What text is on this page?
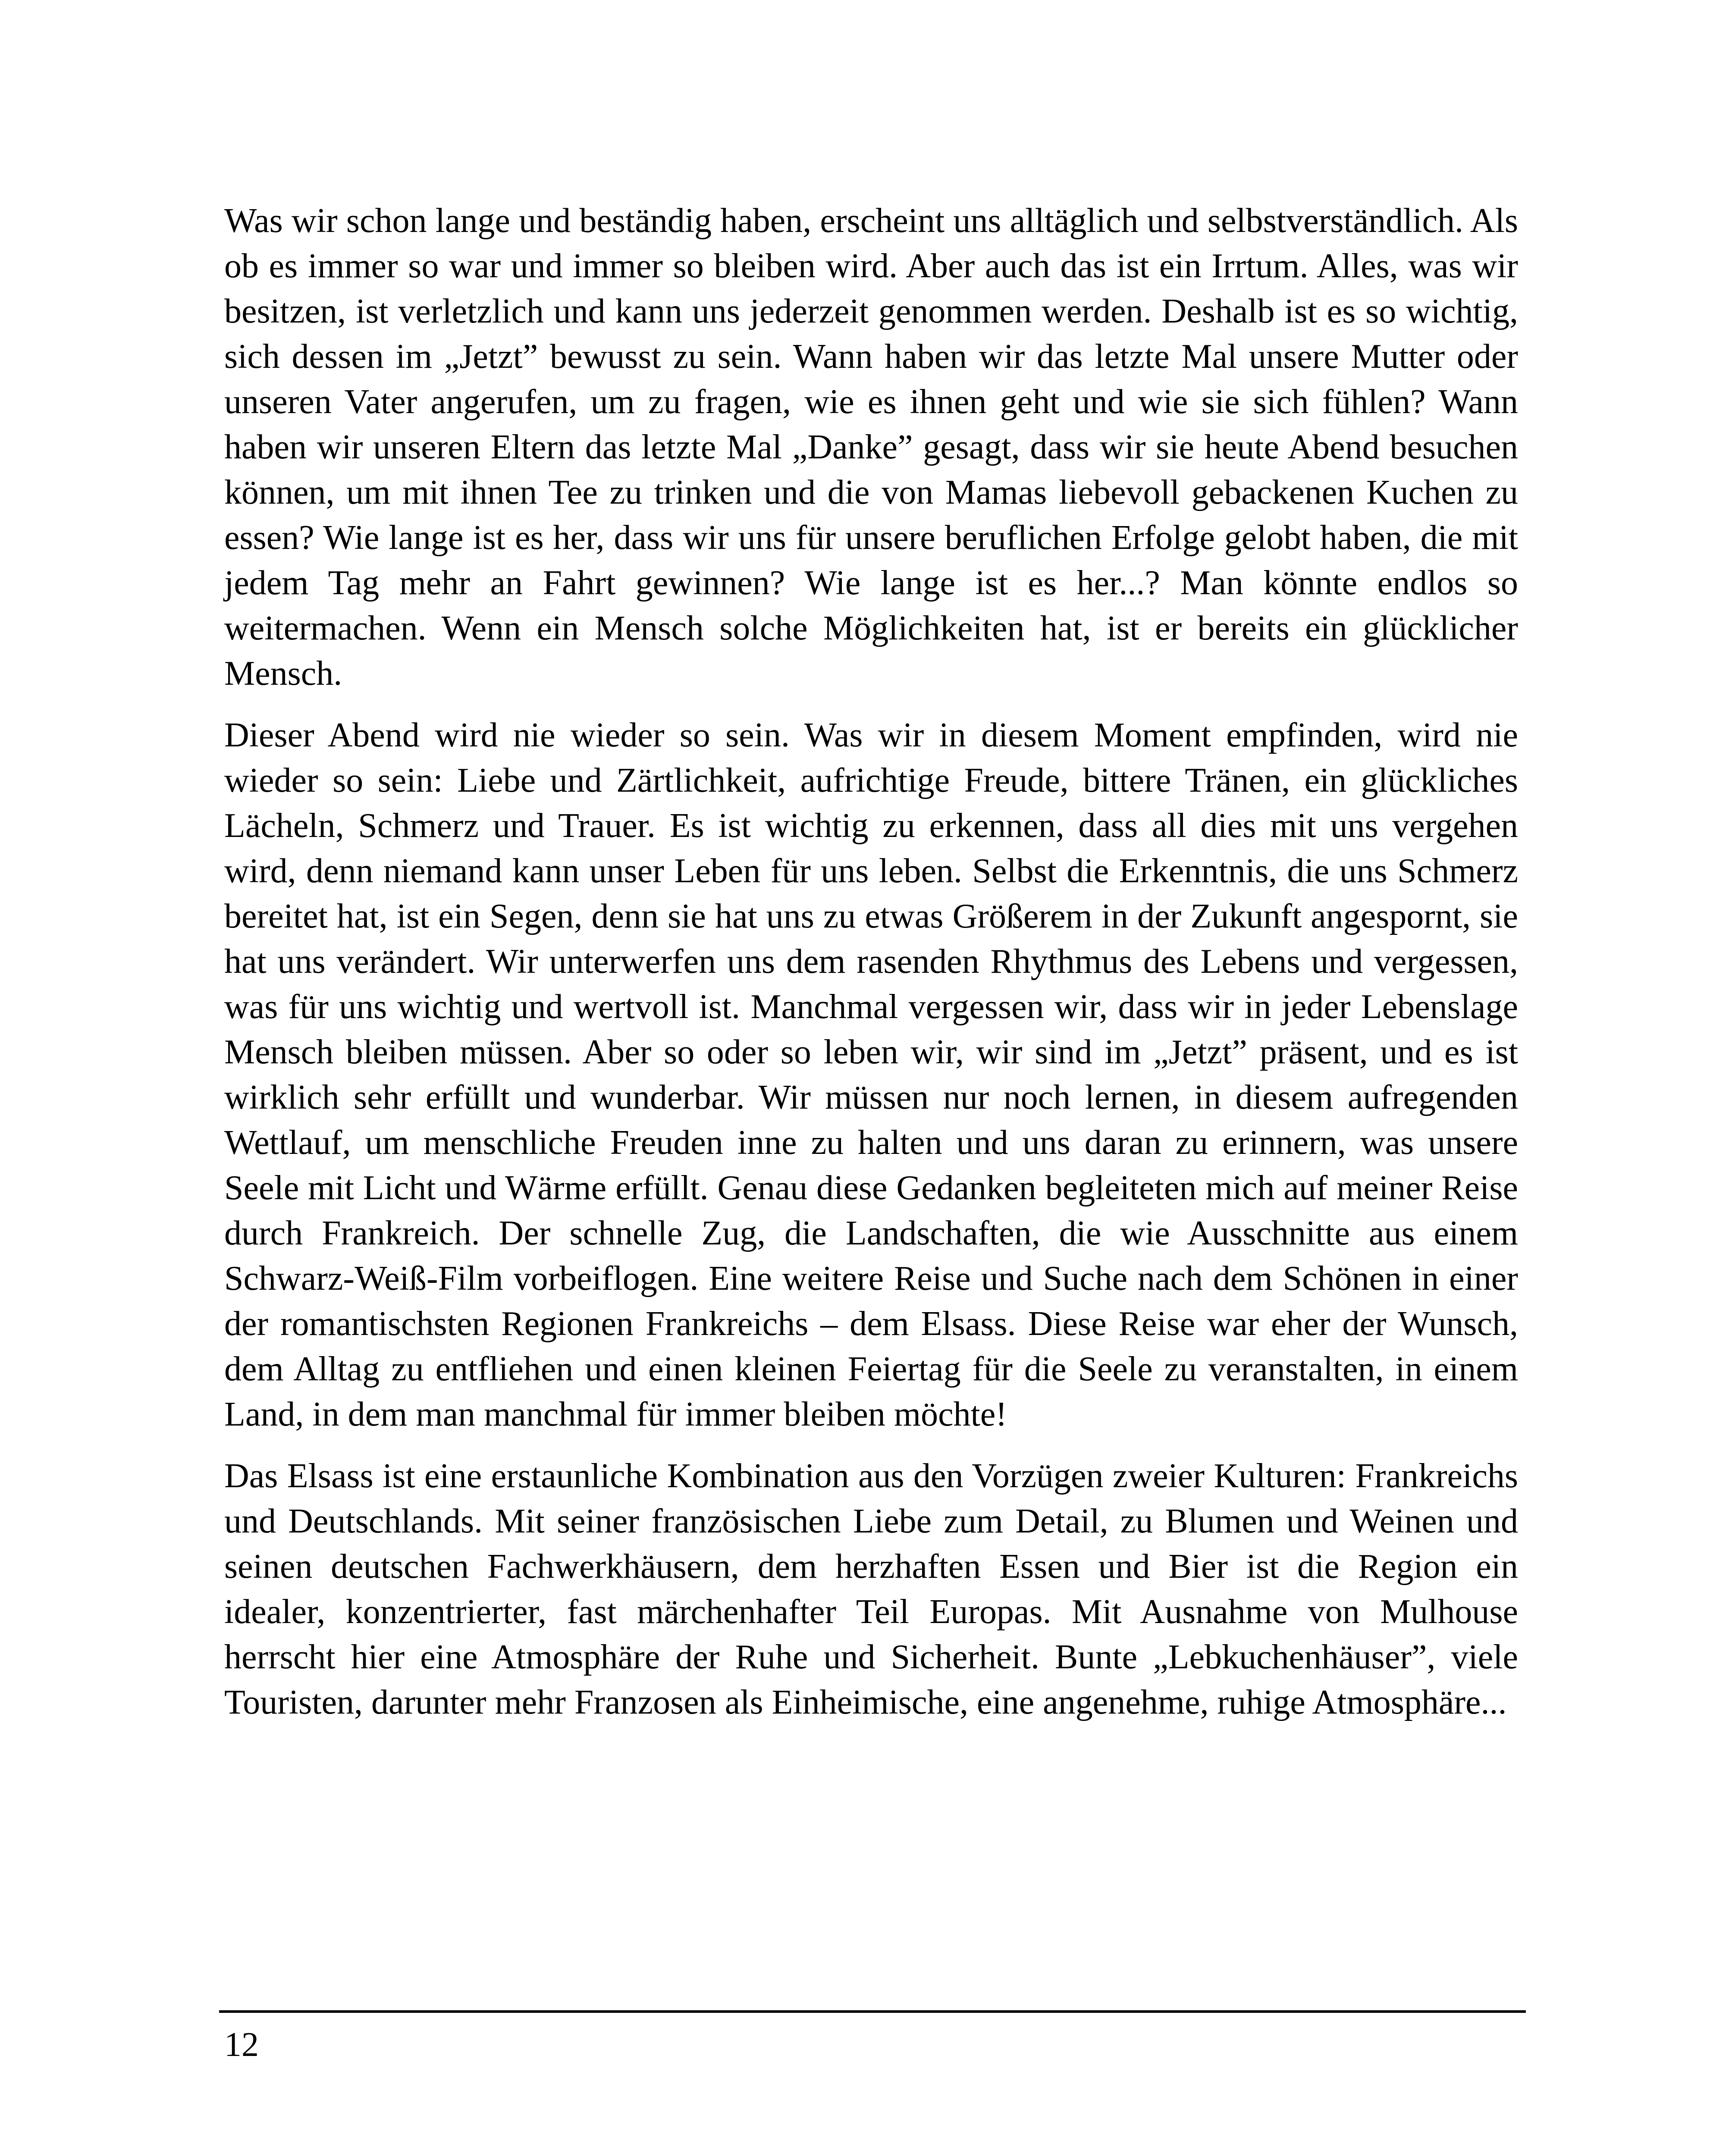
Was wir schon lange und beständig haben, erscheint uns alltäglich und selbstverständlich. Als ob es immer so war und immer so bleiben wird. Aber auch das ist ein Irrtum. Alles, was wir besitzen, ist verletzlich und kann uns jederzeit genommen werden. Deshalb ist es so wichtig, sich dessen im „Jetzt” bewusst zu sein. Wann haben wir das letzte Mal unsere Mutter oder unseren Vater angerufen, um zu fragen, wie es ihnen geht und wie sie sich fühlen? Wann haben wir unseren Eltern das letzte Mal „Danke” gesagt, dass wir sie heute Abend besuchen können, um mit ihnen Tee zu trinken und die von Mamas liebevoll gebackenen Kuchen zu essen? Wie lange ist es her, dass wir uns für unsere beruflichen Erfolge gelobt haben, die mit jedem Tag mehr an Fahrt gewinnen? Wie lange ist es her...? Man könnte endlos so weitermachen. Wenn ein Mensch solche Möglichkeiten hat, ist er bereits ein glücklicher Mensch.

Dieser Abend wird nie wieder so sein. Was wir in diesem Moment empfinden, wird nie wieder so sein: Liebe und Zärtlichkeit, aufrichtige Freude, bittere Tränen, ein glückliches Lächeln, Schmerz und Trauer. Es ist wichtig zu erkennen, dass all dies mit uns vergehen wird, denn niemand kann unser Leben für uns leben. Selbst die Erkenntnis, die uns Schmerz bereitet hat, ist ein Segen, denn sie hat uns zu etwas Größerem in der Zukunft angespornt, sie hat uns verändert. Wir unterwerfen uns dem rasenden Rhythmus des Lebens und vergessen, was für uns wichtig und wertvoll ist. Manchmal vergessen wir, dass wir in jeder Lebenslage Mensch bleiben müssen. Aber so oder so leben wir, wir sind im „Jetzt” präsent, und es ist wirklich sehr erfüllt und wunderbar. Wir müssen nur noch lernen, in diesem aufregenden Wettlauf, um menschliche Freuden inne zu halten und uns daran zu erinnern, was unsere Seele mit Licht und Wärme erfüllt. Genau diese Gedanken begleiteten mich auf meiner Reise durch Frankreich. Der schnelle Zug, die Landschaften, die wie Ausschnitte aus einem Schwarz-Weiß-Film vorbeiflogen. Eine weitere Reise und Suche nach dem Schönen in einer der romantischsten Regionen Frankreichs – dem Elsass. Diese Reise war eher der Wunsch, dem Alltag zu entfliehen und einen kleinen Feiertag für die Seele zu veranstalten, in einem Land, in dem man manchmal für immer bleiben möchte!

Das Elsass ist eine erstaunliche Kombination aus den Vorzügen zweier Kulturen: Frankreichs und Deutschlands. Mit seiner französischen Liebe zum Detail, zu Blumen und Weinen und seinen deutschen Fachwerkhäusern, dem herzhaften Essen und Bier ist die Region ein idealer, konzentrierter, fast märchenhafter Teil Europas. Mit Ausnahme von Mulhouse herrscht hier eine Atmosphäre der Ruhe und Sicherheit. Bunte „Lebkuchenhäuser”, viele Touristen, darunter mehr Franzosen als Einheimische, eine angenehme, ruhige Atmosphäre...

12
